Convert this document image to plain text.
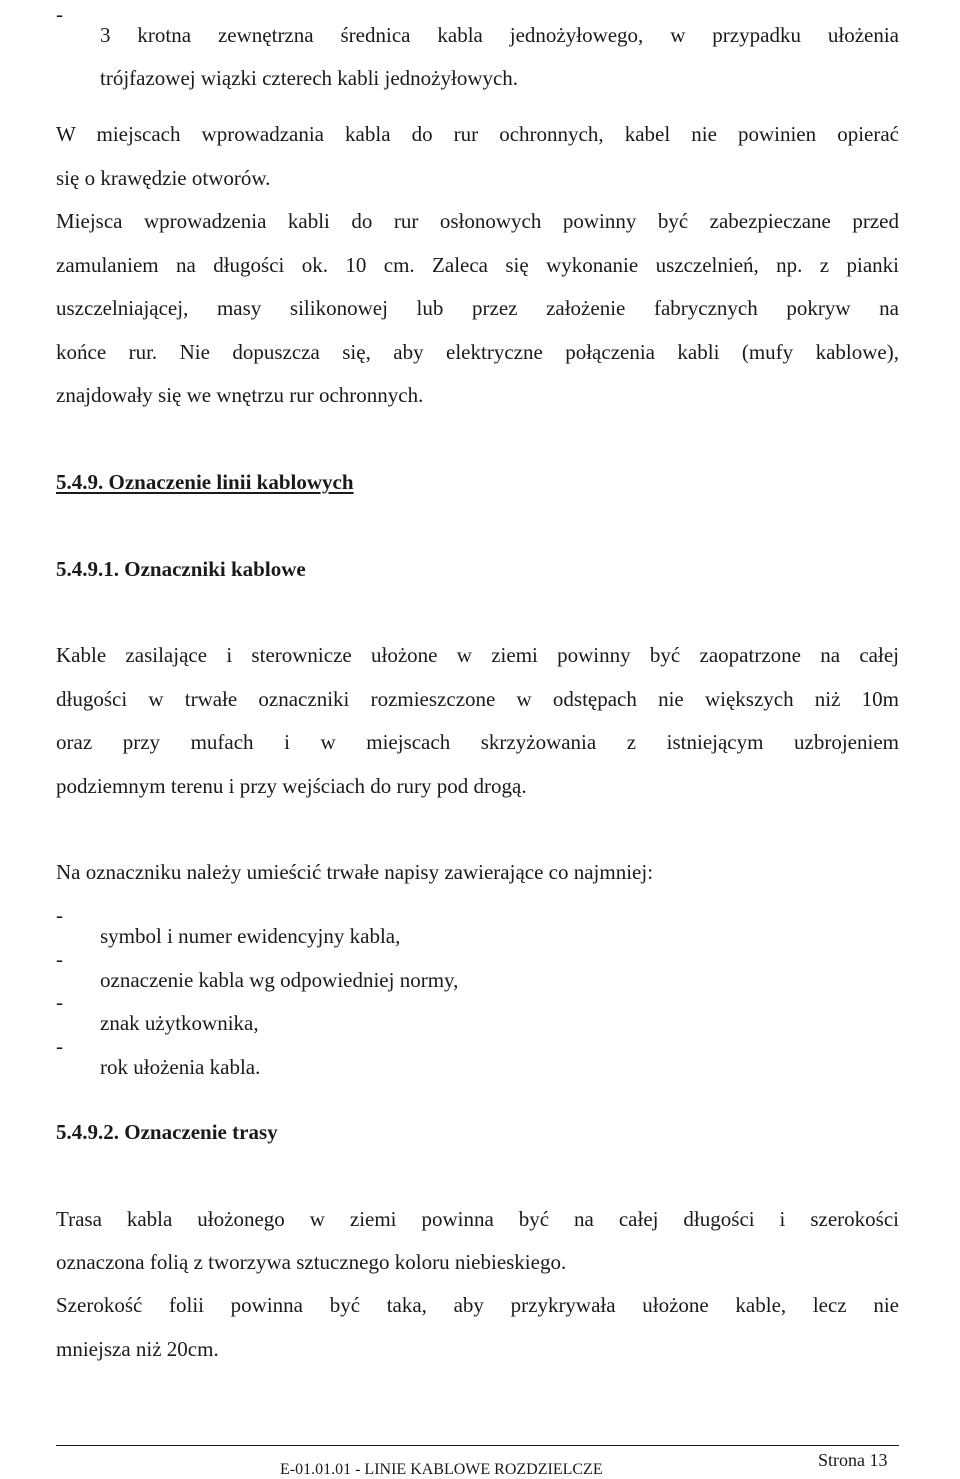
-

3 krotna zewnętrzna średnica kabla jednożyłowego, w przypadku ułożenia

trójfazowej wiązki czterech kabli jednożyłowych.

W miejscach wprowadzania kabla do rur ochronnych, kabel nie powinien opierać

się o krawędzie otworów.

Miejsca wprowadzenia kabli do rur osłonowych powinny być zabezpieczane przed

zamulaniem na długości ok. 10 cm. Zaleca się wykonanie uszczelnień, np. z pianki

uszczelniającej, masy silikonowej lub przez założenie fabrycznych pokryw na

końce rur. Nie dopuszcza się, aby elektryczne połączenia kabli (mufy kablowe),

znajdowały się we wnętrzu rur ochronnych.

5.4.9. Oznaczenie linii kablowych

5.4.9.1. Oznaczniki kablowe

Kable zasilające i sterownicze ułożone w ziemi powinny być zaopatrzone na całej

długości w trwałe oznaczniki rozmieszczone w odstępach nie większych niż 10m

oraz przy mufach i w miejscach skrzyżowania z istniejącym uzbrojeniem

podziemnym terenu i przy wejściach do rury pod drogą.

Na oznaczniku należy umieścić trwałe napisy zawierające co najmniej:

-

symbol i numer ewidencyjny kabla,

-

oznaczenie kabla wg odpowiedniej normy,

-

znak użytkownika,

-

rok ułożenia kabla.

5.4.9.2. Oznaczenie trasy

Trasa kabla ułożonego w ziemi powinna być na całej długości i szerokości

oznaczona folią z tworzywa sztucznego koloru niebieskiego.

Szerokość folii powinna być taka, aby przykrywała ułożone kable, lecz nie

mniejsza niż 20cm.

E-01.01.01 - LINIE KABLOWE ROZDZIELCZE	Strona 13
